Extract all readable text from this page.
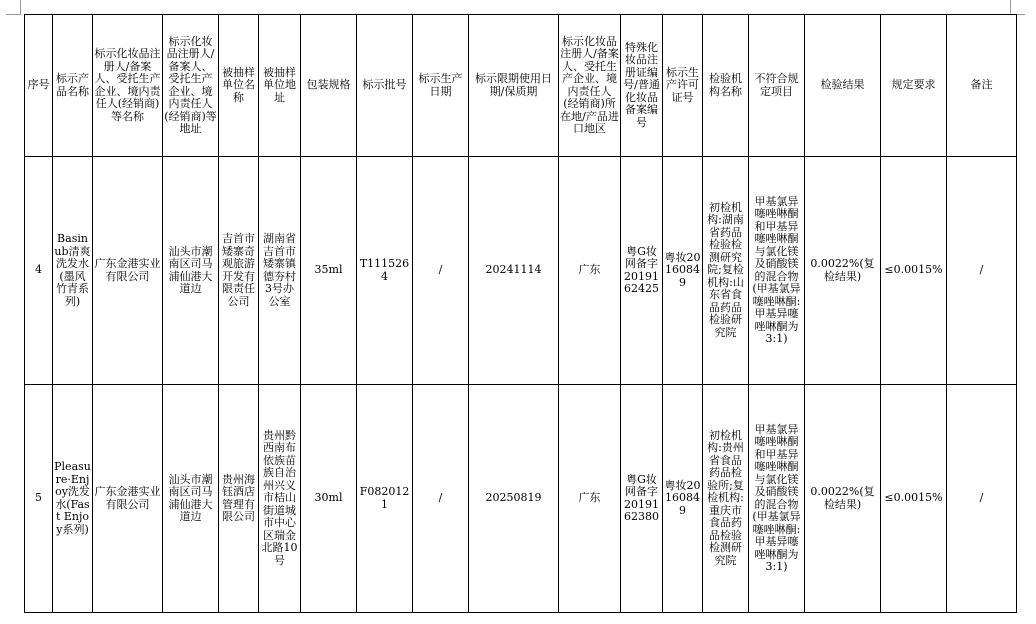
序号	标示产品名称	标示化妆品注册人/备案人、受托生产企业、境内责任人(经销商)等名称	标示化妆品注册人/备案人、受托生产企业、境内责任人(经销商)等地址	被抽样单位名称	被抽样单位地址	包装规格	标示批号	标示生产日期	标示限期使用日期/保质期	标示化妆品注册人/备案人、受托生产企业、境内责任人(经销商)所在地/产品进口地区	特殊化妆品注册证编号/普通化妆品备案编号	标示生产许可证号	检验机构名称	不符合规定项目	检验结果	规定要求	备注
4	Basinub清爽洗发水(墨风竹青系列)	广东金港实业有限公司	汕头市潮南区司马浦仙港大道边	吉首市矮寨奇观旅游开发有限责任公司	湖南省吉首市矮寨镇德夯村3号办公室	35ml	T1115264	/	20241114	广东	粤G妆网备字2019162425	粤妆20160849	初检机构:湖南省药品检验检测研究院;复检机构:山东省食品药品检验研究院	甲基氯异噻唑啉酮和甲基异噻唑啉酮与氯化镁及硝酸镁的混合物(甲基氯异噻唑啉酮:甲基异噻唑啉酮为3:1)	0.0022%(复检结果)	≤0.0015%	/
5	Pleasure·Enjoy洗发水(Fast Enjoy系列)	广东金港实业有限公司	汕头市潮南区司马浦仙港大道边	贵州海钰酒店管理有限公司	贵州黔西南布依族苗族自治州兴义市桔山街道城市中心区瑞金北路10号	30ml	F0820121	/	20250819	广东	粤G妆网备字2019162380	粤妆20160849	初检机构:贵州省食品药品检验所;复检机构:重庆市食品药品检验检测研究院	甲基氯异噻唑啉酮和甲基异噻唑啉酮与氯化镁及硝酸镁的混合物(甲基氯异噻唑啉酮:甲基异噻唑啉酮为3:1)	0.0022%(复检结果)	≤0.0015%	/
